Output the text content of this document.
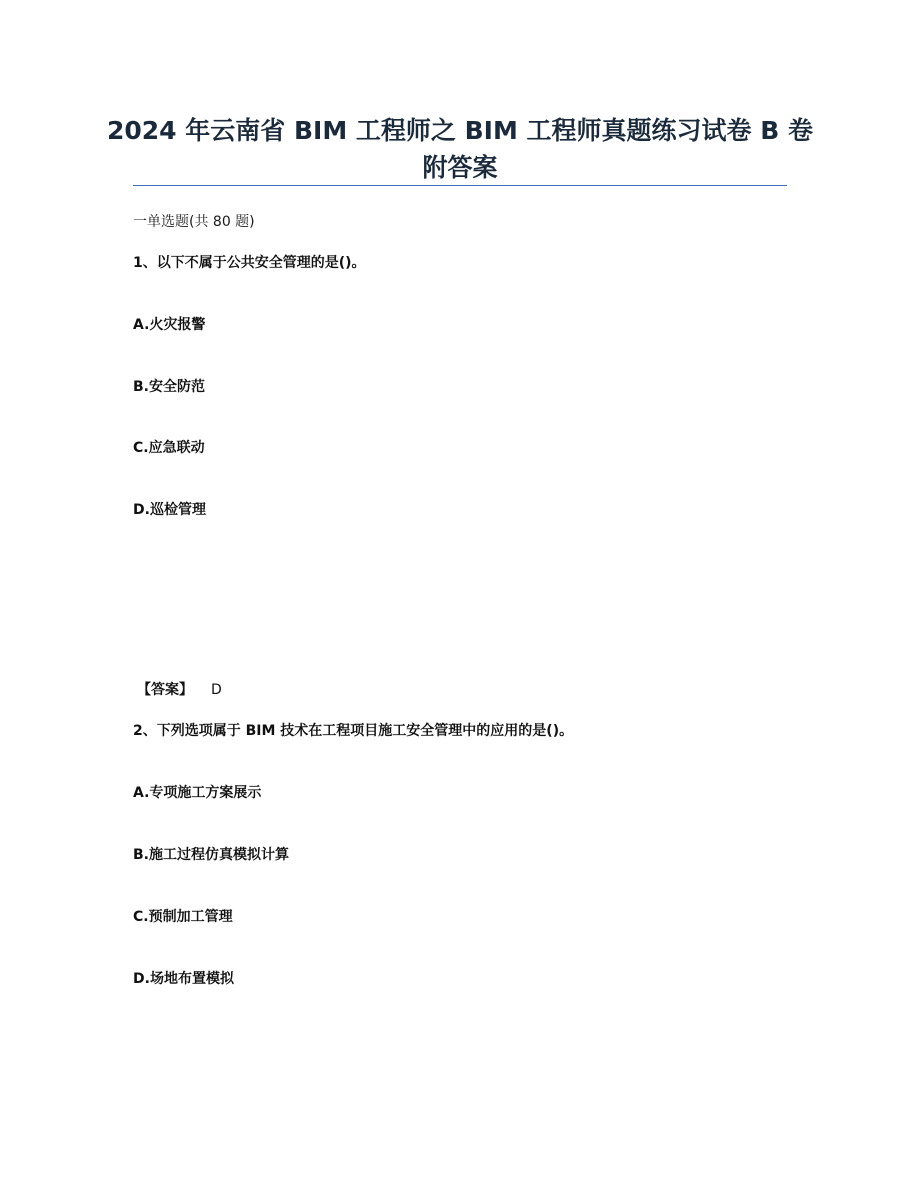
2024 年云南省 BIM 工程师之 BIM 工程师真题练习试卷 B 卷
附答案
一单选题(共 80 题)
1、以下不属于公共安全管理的是()。
A.火灾报警
B.安全防范
C.应急联动
D.巡检管理
【答案】 D
2、下列选项属于 BIM 技术在工程项目施工安全管理中的应用的是()。
A.专项施工方案展示
B.施工过程仿真模拟计算
C.预制加工管理
D.场地布置模拟
